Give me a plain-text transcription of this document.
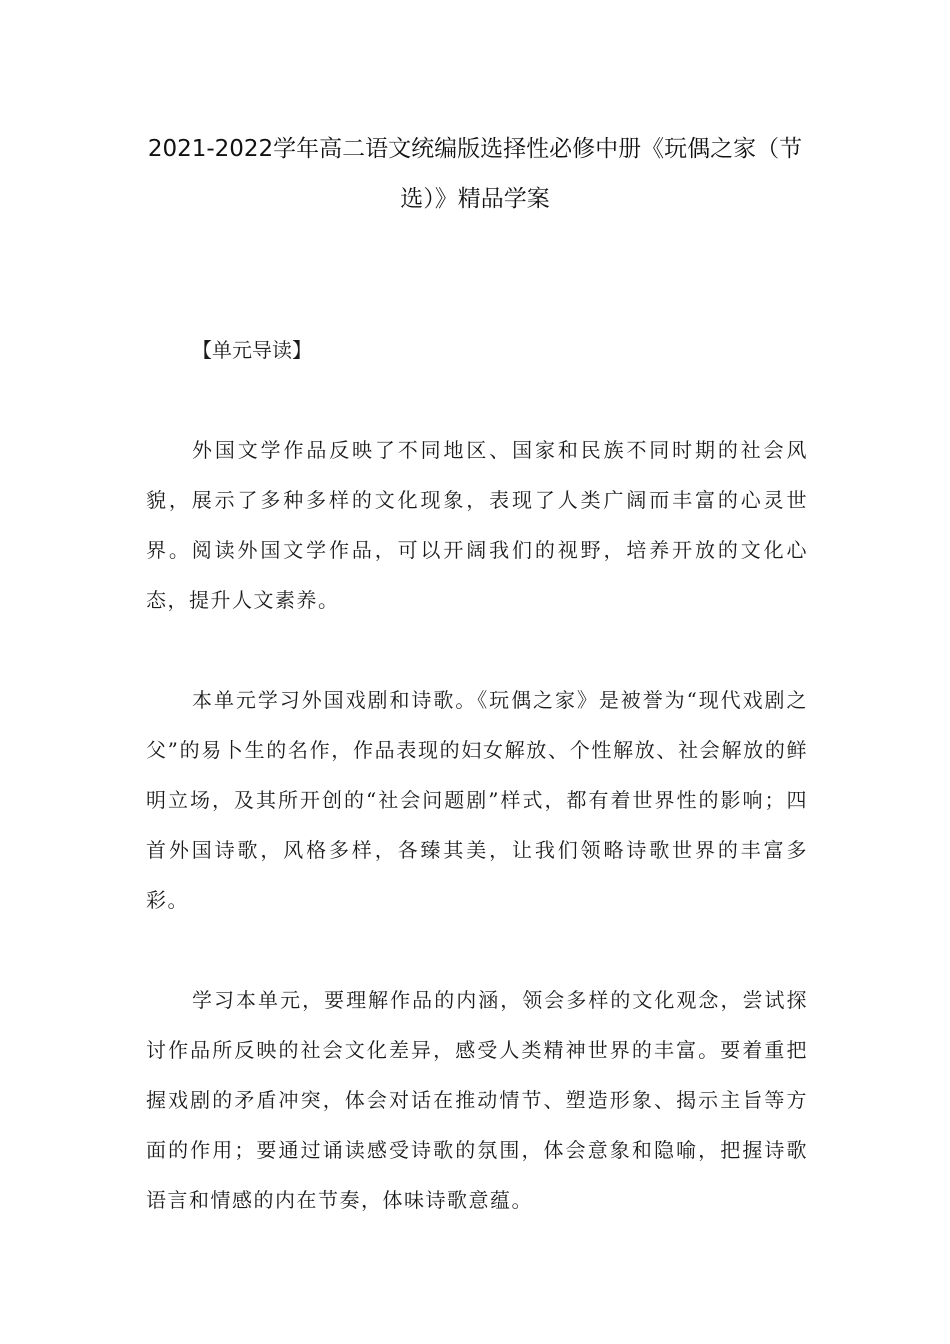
2021-2022学年高二语文统编版选择性必修中册《玩偶之家（节选）》精品学案
【单元导读】

外国文学作品反映了不同地区、国家和民族不同时期的社会风貌，展示了多种多样的文化现象，表现了人类广阔而丰富的心灵世界。阅读外国文学作品，可以开阔我们的视野，培养开放的文化心态，提升人文素养。

本单元学习外国戏剧和诗歌。《玩偶之家》是被誉为“现代戏剧之父”的易卜生的名作，作品表现的妇女解放、个性解放、社会解放的鲜明立场，及其所开创的“社会问题剧”样式，都有着世界性的影响；四首外国诗歌，风格多样，各臻其美，让我们领略诗歌世界的丰富多彩。

学习本单元，要理解作品的内涵，领会多样的文化观念，尝试探讨作品所反映的社会文化差异，感受人类精神世界的丰富。要着重把握戏剧的矛盾冲突，体会对话在推动情节、塑造形象、揭示主旨等方面的作用；要通过诵读感受诗歌的氛围，体会意象和隐喻，把握诗歌语言和情感的内在节奏，体味诗歌意蕴。
